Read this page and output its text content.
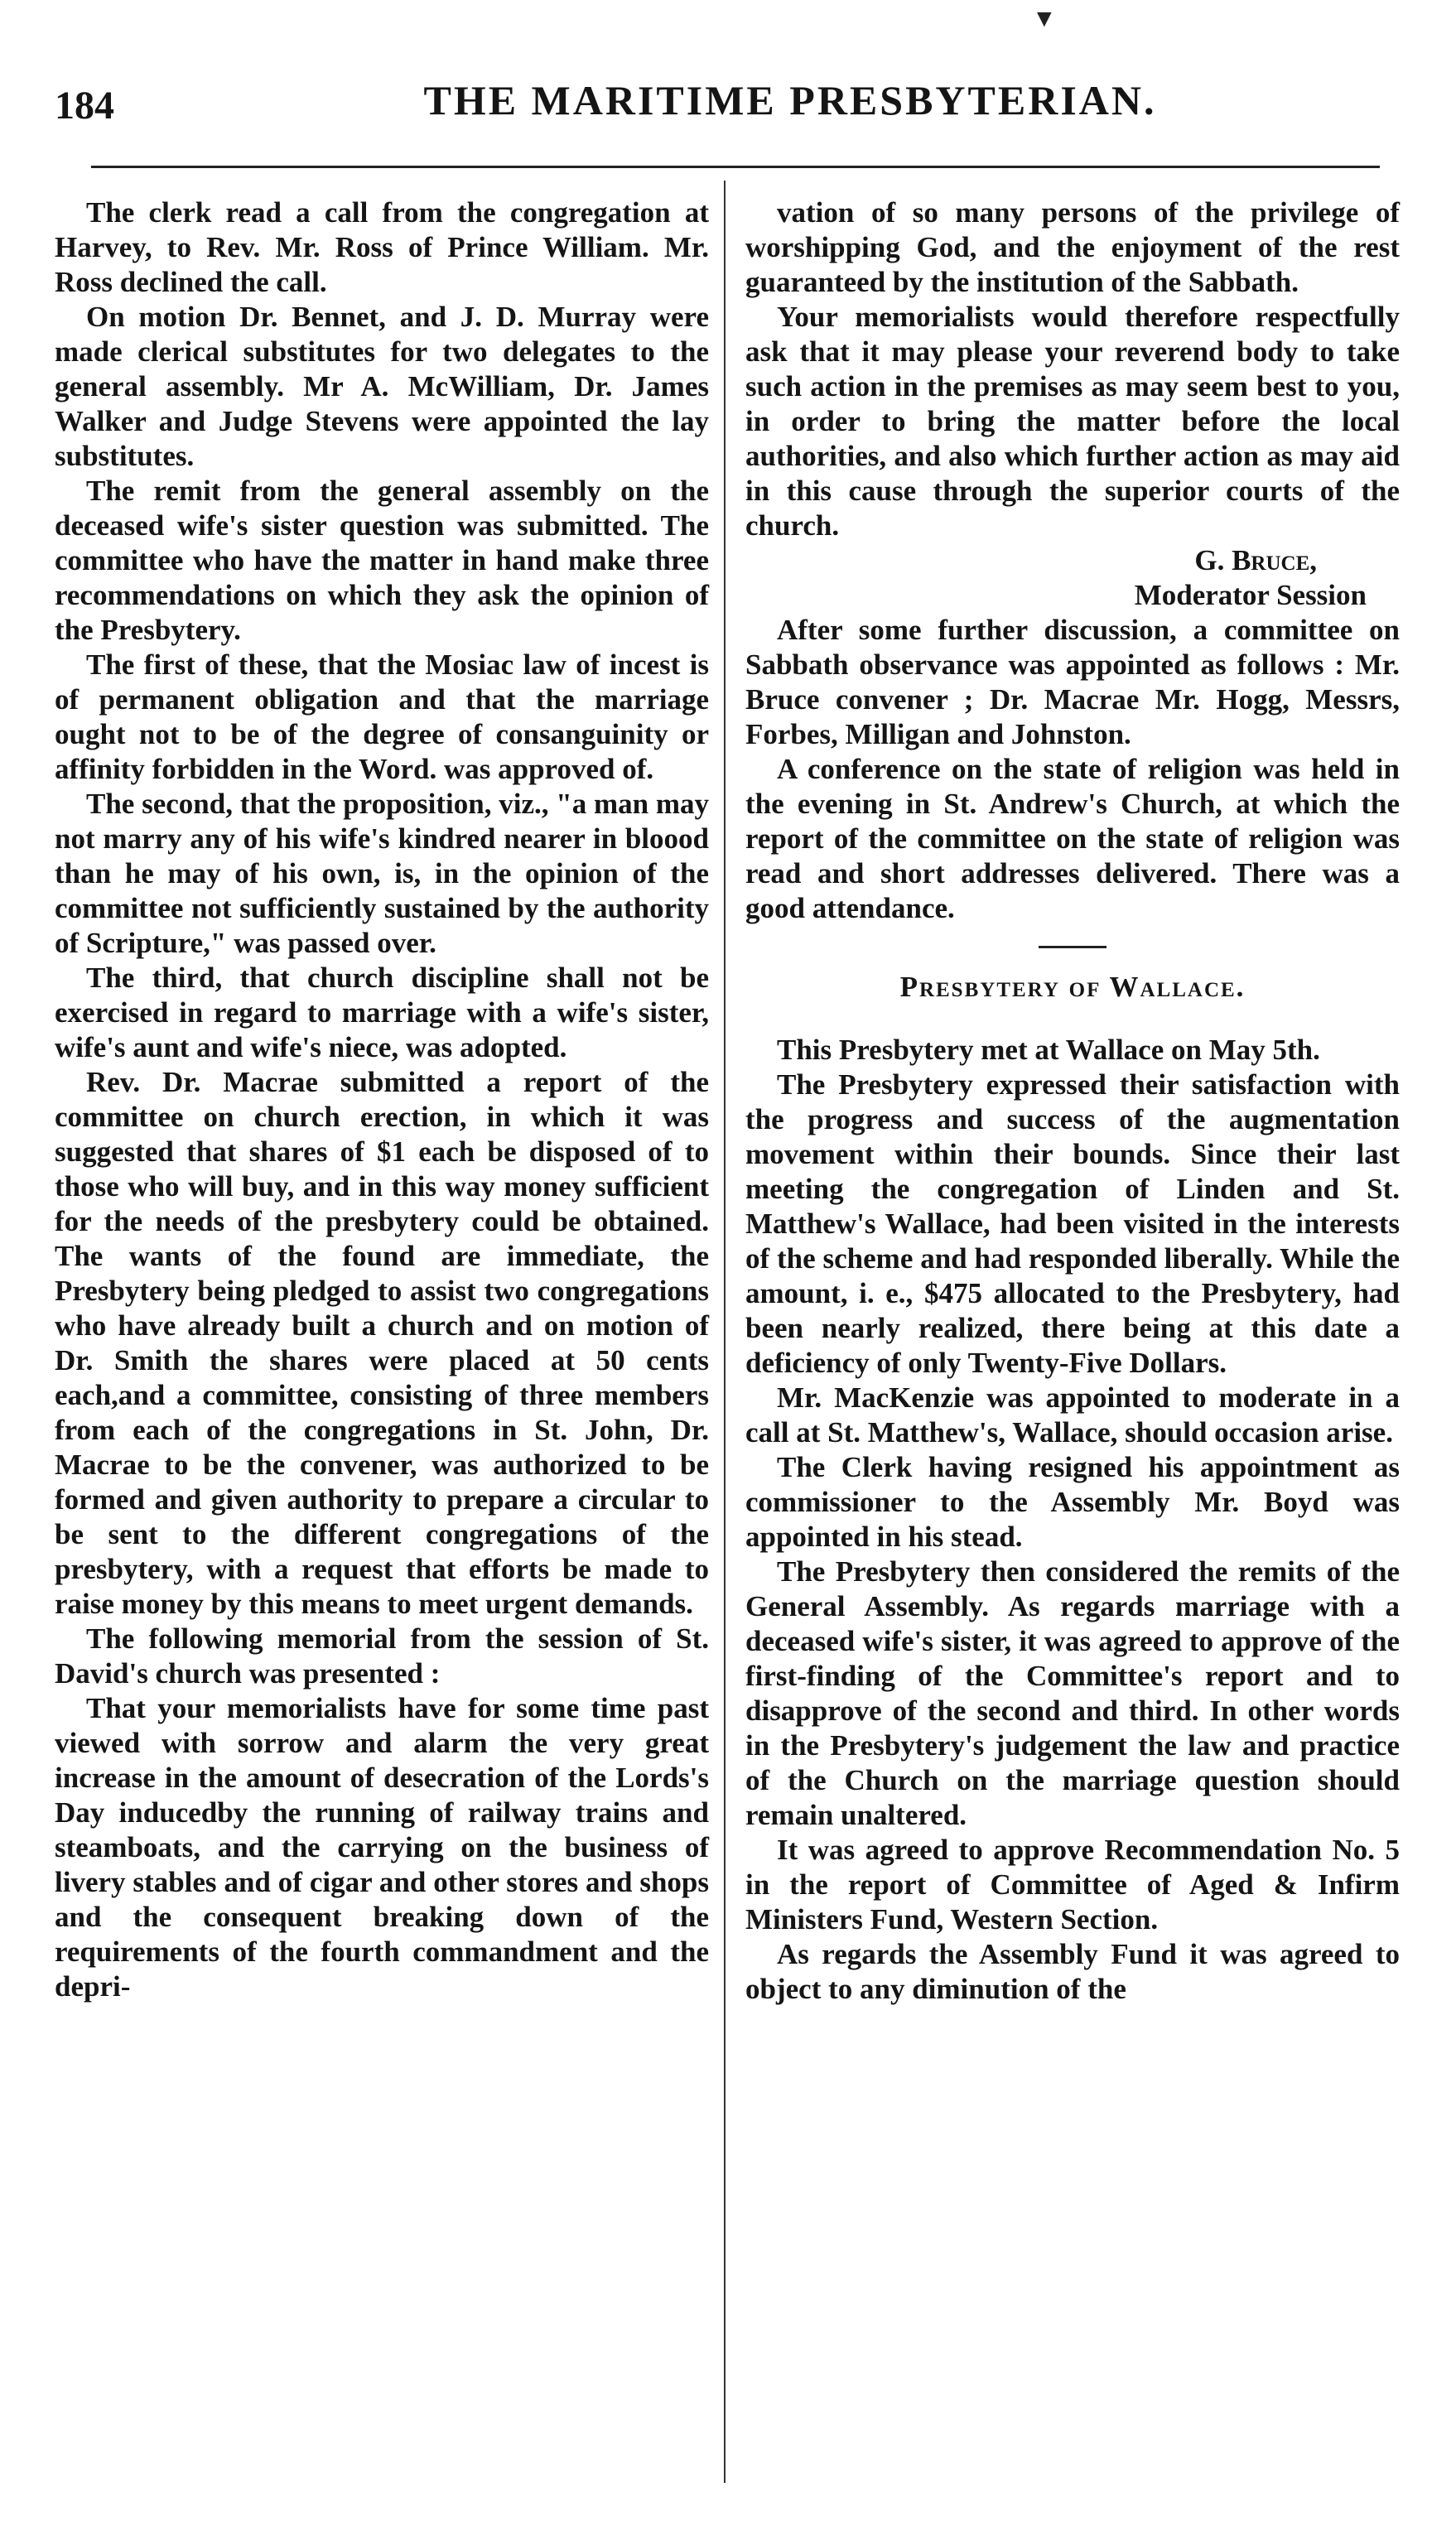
▼
184	THE MARITIME PRESBYTERIAN.

The clerk read a call from the congregation at Harvey, to Rev. Mr. Ross of Prince William. Mr. Ross declined the call.

On motion Dr. Bennet, and J. D. Murray were made clerical substitutes for two delegates to the general assembly. Mr A. McWilliam, Dr. James Walker and Judge Stevens were appointed the lay substitutes.

The remit from the general assembly on the deceased wife's sister question was submitted. The committee who have the matter in hand make three recommendations on which they ask the opinion of the Presbytery.

The first of these, that the Mosiac law of incest is of permanent obligation and that the marriage ought not to be of the degree of consanguinity or affinity forbidden in the Word. was approved of.

The second, that the proposition, viz., "a man may not marry any of his wife's kindred nearer in bloood than he may of his own, is, in the opinion of the committee not sufficiently sustained by the authority of Scripture," was passed over.

The third, that church discipline shall not be exercised in regard to marriage with a wife's sister, wife's aunt and wife's niece, was adopted.

Rev. Dr. Macrae submitted a report of the committee on church erection, in which it was suggested that shares of $1 each be disposed of to those who will buy, and in this way money sufficient for the needs of the presbytery could be obtained. The wants of the found are immediate, the Presbytery being pledged to assist two congregations who have already built a church and on motion of Dr. Smith the shares were placed at 50 cents each,and a committee, consisting of three members from each of the congregations in St. John, Dr. Macrae to be the convener, was authorized to be formed and given authority to prepare a circular to be sent to the different congregations of the presbytery, with a request that efforts be made to raise money by this means to meet urgent demands.

The following memorial from the session of St. David's church was presented :

That your memorialists have for some time past viewed with sorrow and alarm the very great increase in the amount of desecration of the Lords's Day inducedby the running of railway trains and steamboats, and the carrying on the business of livery stables and of cigar and other stores and shops and the consequent breaking down of the requirements of the fourth commandment and the depri-

vation of so many persons of the privilege of worshipping God, and the enjoyment of the rest guaranteed by the institution of the Sabbath.

Your memorialists would therefore respectfully ask that it may please your reverend body to take such action in the premises as may seem best to you, in order to bring the matter before the local authorities, and also which further action as may aid in this cause through the superior courts of the church.

G. Bruce,

Moderator Session

After some further discussion, a committee on Sabbath observance was appointed as follows : Mr. Bruce convener ; Dr. Macrae Mr. Hogg, Messrs, Forbes, Milligan and Johnston.

A conference on the state of religion was held in the evening in St. Andrew's Church, at which the report of the committee on the state of religion was read and short addresses delivered. There was a good attendance.

Presbytery of Wallace.

This Presbytery met at Wallace on May 5th.

The Presbytery expressed their satisfaction with the progress and success of the augmentation movement within their bounds. Since their last meeting the congregation of Linden and St. Matthew's Wallace, had been visited in the interests of the scheme and had responded liberally. While the amount, i. e., $475 allocated to the Presbytery, had been nearly realized, there being at this date a deficiency of only Twenty-Five Dollars.

Mr. MacKenzie was appointed to moderate in a call at St. Matthew's, Wallace, should occasion arise.

The Clerk having resigned his appointment as commissioner to the Assembly Mr. Boyd was appointed in his stead.

The Presbytery then considered the remits of the General Assembly. As regards marriage with a deceased wife's sister, it was agreed to approve of the first-finding of the Committee's report and to disapprove of the second and third. In other words in the Presbytery's judgement the law and practice of the Church on the marriage question should remain unaltered.

It was agreed to approve Recommendation No. 5 in the report of Committee of Aged & Infirm Ministers Fund, Western Section.

As regards the Assembly Fund it was agreed to object to any diminution of the
